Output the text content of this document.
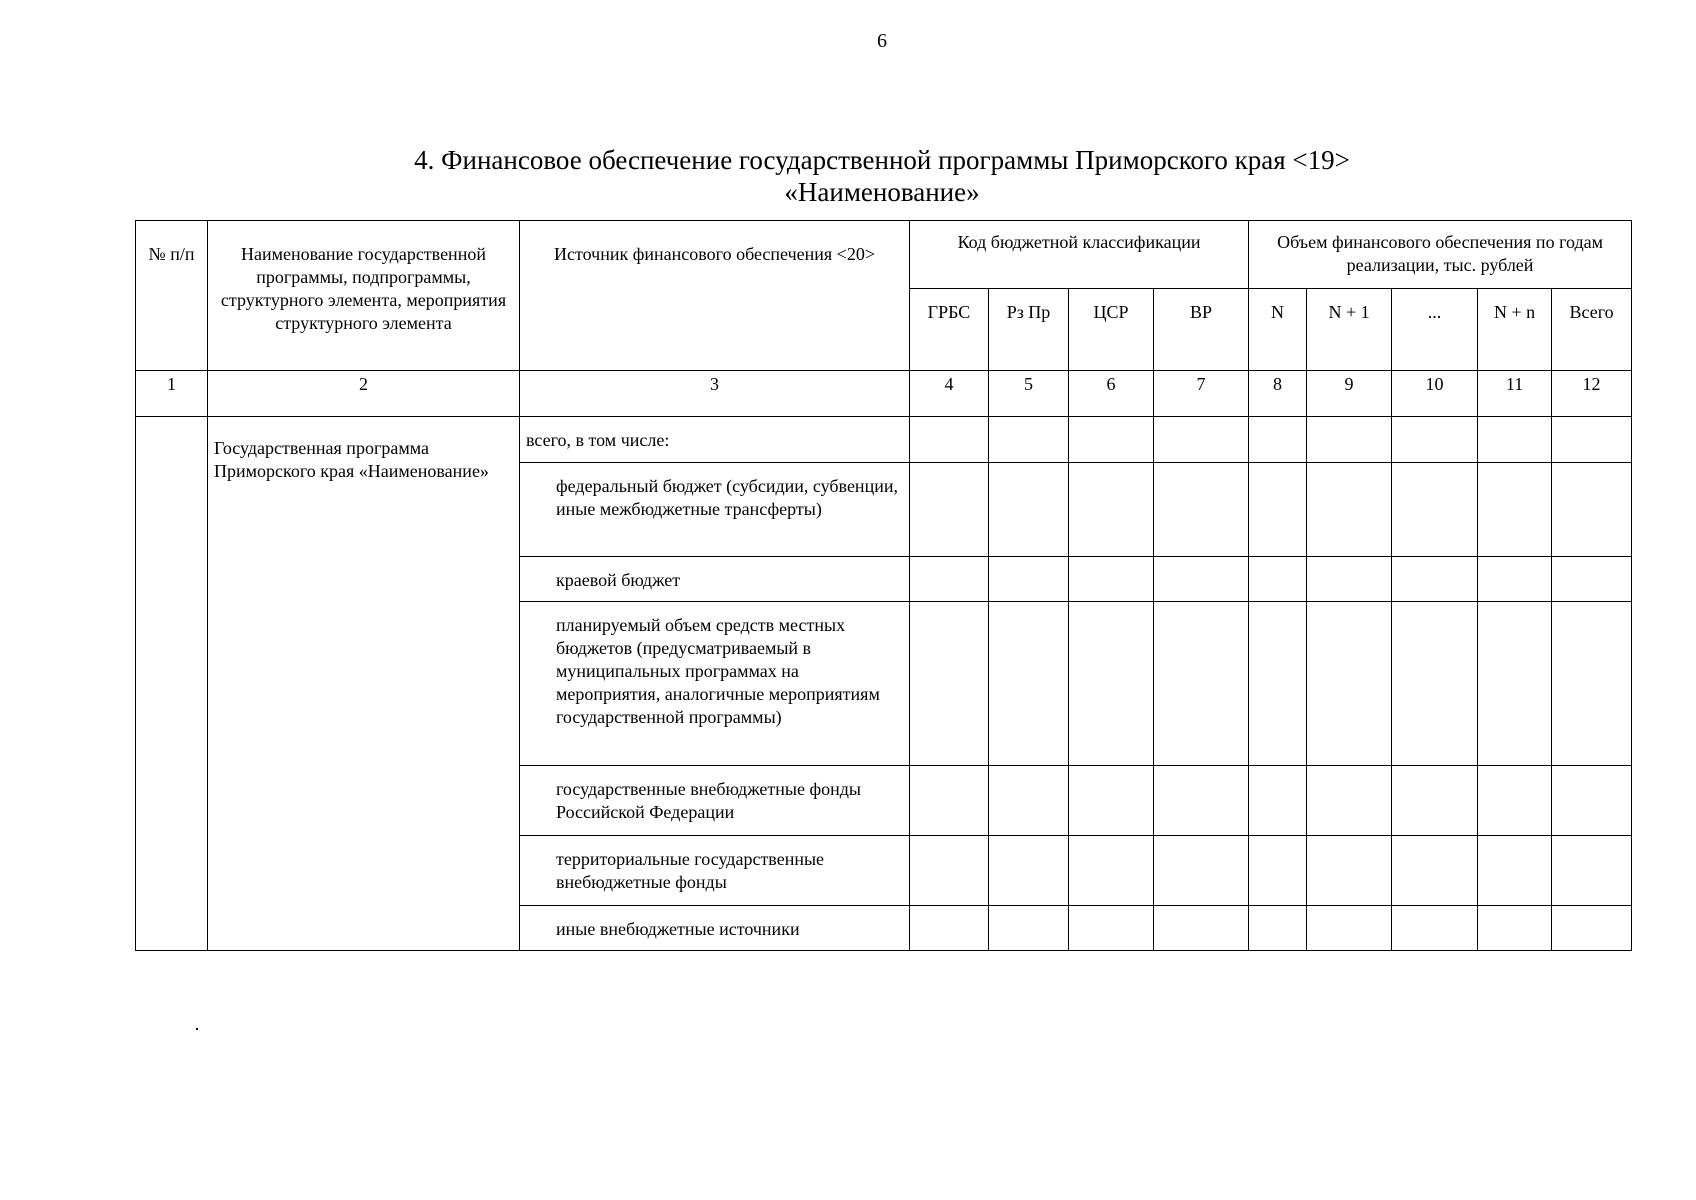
6
4. Финансовое обеспечение государственной программы Приморского края <19>
«Наименование»
№ п/п	Наименование государственной программы, подпрограммы, структурного элемента, мероприятия структурного элемента	Источник финансового обеспечения <20>	Код бюджетной классификации				Объем финансового обеспечения по годам реализации, тыс. рублей				
			ГРБС	Рз Пр	ЦСР	ВР	N	N + 1	...	N + n	Всего
1	2	3	4	5	6	7	8	9	10	11	12
	Государственная программа Приморского края «Наименование»	всего, в том числе:									
		федеральный бюджет (субсидии, субвенции, иные межбюджетные трансферты)									
		краевой бюджет									
		планируемый объем средств местных бюджетов (предусматриваемый в муниципальных программах на мероприятия, аналогичные мероприятиям государственной программы)									
		государственные внебюджетные фонды Российской Федерации									
		территориальные государственные внебюджетные фонды									
		иные внебюджетные источники									
